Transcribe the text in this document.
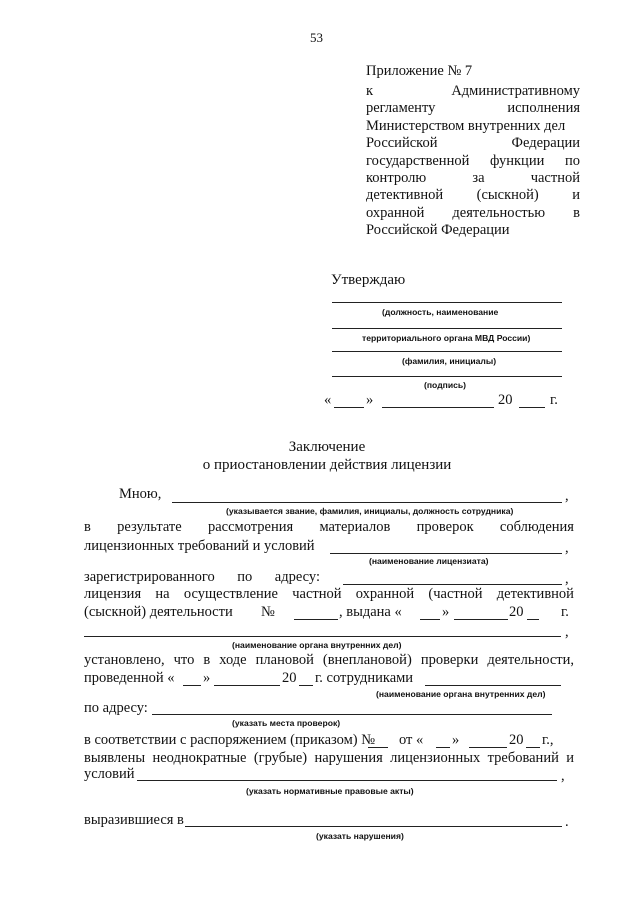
53
Приложение № 7
к	Административному
регламенту	исполнения
Министерством внутренних дел
Российской	Федерации
государственной функции по
контролю	за	частной
детективной (сыскной) и
охранной деятельностью в
Российской Федерации
Утверждаю
(должность, наименование
территориального органа МВД России)
(фамилия, инициалы)
(подпись)
« »	20	г.
Заключение
о приостановлении действия лицензии
Мною,	,
(указывается звание, фамилия, инициалы, должность сотрудника)
в результате рассмотрения материалов проверок соблюдения
лицензионных требований и условий	,
(наименование лицензиата)
зарегистрированного по адресу:	,
лицензия на осуществление частной охранной (частной детективной
(сыскной) деятельности №	, выдана «	»	20	г.
,
(наименование органа внутренних дел)
установлено, что в ходе плановой (внеплановой) проверки деятельности,
проведенной « »	20 г. сотрудниками
(наименование органа внутренних дел)
по адресу:
(указать места проверок)
в соответствии с распоряжением (приказом) № от « »	20 г.,
выявлены неоднократные (грубые) нарушения лицензионных требований и
условий	,
(указать нормативные правовые акты)
выразившиеся в	.
(указать нарушения)
